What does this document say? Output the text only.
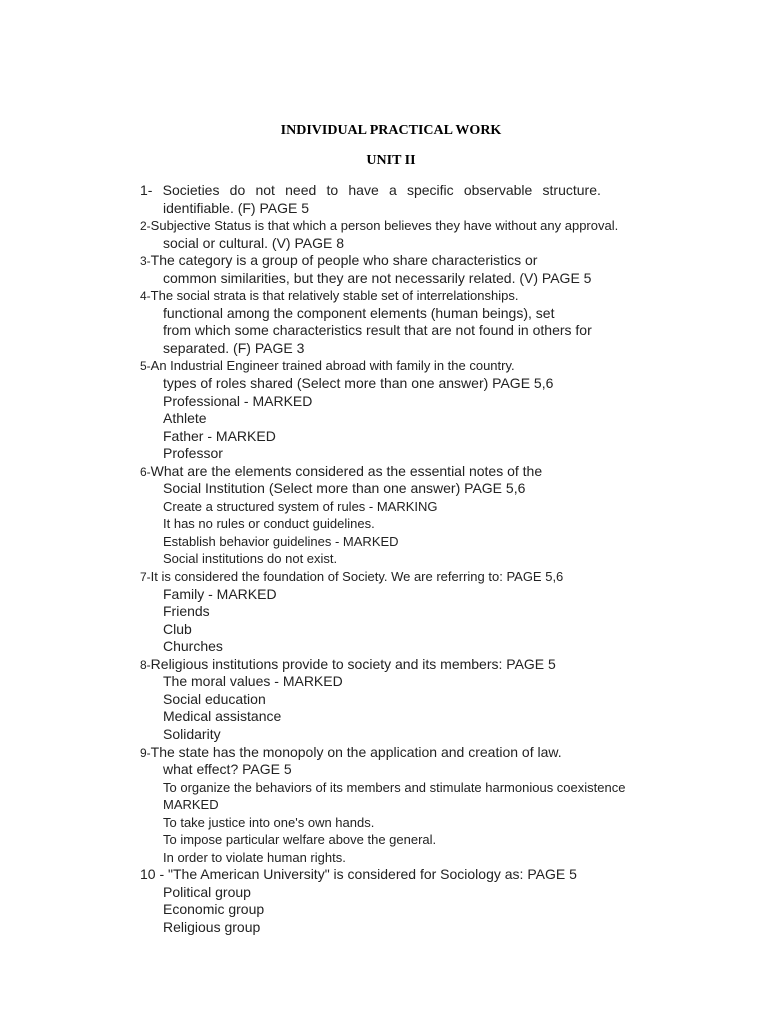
INDIVIDUAL PRACTICAL WORK
UNIT II
1- Societies do not need to have a specific observable structure.
identifiable. (F) PAGE 5
2-Subjective Status is that which a person believes they have without any approval.
social or cultural. (V) PAGE 8
3-The category is a group of people who share characteristics or
common similarities, but they are not necessarily related. (V) PAGE 5
4-The social strata is that relatively stable set of interrelationships.
functional among the component elements (human beings), set
from which some characteristics result that are not found in others for
separated. (F) PAGE 3
5-An Industrial Engineer trained abroad with family in the country.
types of roles shared (Select more than one answer) PAGE 5,6
Professional - MARKED
Athlete
Father - MARKED
Professor
6-What are the elements considered as the essential notes of the
Social Institution (Select more than one answer) PAGE 5,6
Create a structured system of rules - MARKING
It has no rules or conduct guidelines.
Establish behavior guidelines - MARKED
Social institutions do not exist.
7-It is considered the foundation of Society. We are referring to: PAGE 5,6
Family - MARKED
Friends
Club
Churches
8-Religious institutions provide to society and its members: PAGE 5
The moral values - MARKED
Social education
Medical assistance
Solidarity
9-The state has the monopoly on the application and creation of law.
what effect? PAGE 5
To organize the behaviors of its members and stimulate harmonious coexistence
MARKED
To take justice into one's own hands.
To impose particular welfare above the general.
In order to violate human rights.
10 - "The American University" is considered for Sociology as: PAGE 5
Political group
Economic group
Religious group
